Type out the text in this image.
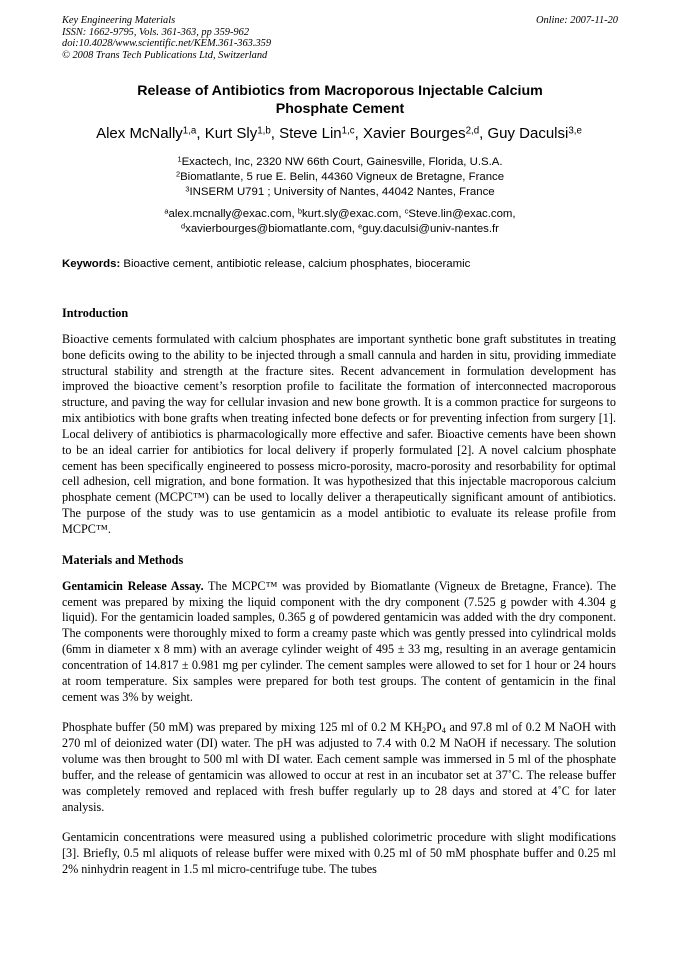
Key Engineering Materials
ISSN: 1662-9795, Vols. 361-363, pp 359-962
doi:10.4028/www.scientific.net/KEM.361-363.359
© 2008 Trans Tech Publications Ltd, Switzerland
Online: 2007-11-20
Release of Antibiotics from Macroporous Injectable Calcium
Phosphate Cement
Alex McNally$^{1,a}$, Kurt Sly$^{1,b}$, Steve Lin$^{1,c}$, Xavier Bourges$^{2,d}$, Guy Daculsi$^{3,e}$
$^1$Exactech, Inc, 2320 NW 66th Court, Gainesville, Florida, U.S.A.
$^2$Biomatlante, 5 rue E. Belin, 44360 Vigneux de Bretagne, France
$^3$INSERM U791 ; University of Nantes, 44042 Nantes, France
$^a$alex.mcnally@exac.com, $^b$kurt.sly@exac.com, $^c$Steve.lin@exac.com,
$^d$xavierbourges@biomatlante.com, $^e$guy.daculsi@univ-nantes.fr
Keywords: Bioactive cement, antibiotic release, calcium phosphates, bioceramic
Introduction

Bioactive cements formulated with calcium phosphates are important synthetic bone graft substitutes in treating bone deficits owing to the ability to be injected through a small cannula and harden in situ, providing immediate structural stability and strength at the fracture sites. Recent advancement in formulation development has improved the bioactive cement’s resorption profile to facilitate the formation of interconnected macroporous structure, and paving the way for cellular invasion and new bone growth. It is a common practice for surgeons to mix antibiotics with bone grafts when treating infected bone defects or for preventing infection from surgery [1]. Local delivery of antibiotics is pharmacologically more effective and safer. Bioactive cements have been shown to be an ideal carrier for antibiotics for local delivery if properly formulated [2]. A novel calcium phosphate cement has been specifically engineered to possess micro-porosity, macro-porosity and resorbability for optimal cell adhesion, cell migration, and bone formation. It was hypothesized that this injectable macroporous calcium phosphate cement (MCPC™) can be used to locally deliver a therapeutically significant amount of antibiotics. The purpose of the study was to use gentamicin as a model antibiotic to evaluate its release profile from MCPC™.

Materials and Methods

Gentamicin Release Assay. The MCPC™ was provided by Biomatlante (Vigneux de Bretagne, France). The cement was prepared by mixing the liquid component with the dry component (7.525 g powder with 4.304 g liquid). For the gentamicin loaded samples, 0.365 g of powdered gentamicin was added with the dry component. The components were thoroughly mixed to form a creamy paste which was gently pressed into cylindrical molds (6mm in diameter x 8 mm) with an average cylinder weight of 495 ± 33 mg, resulting in an average gentamicin concentration of 14.817 ± 0.981 mg per cylinder. The cement samples were allowed to set for 1 hour or 24 hours at room temperature. Six samples were prepared for both test groups. The content of gentamicin in the final cement was 3% by weight.

Phosphate buffer (50 mM) was prepared by mixing 125 ml of 0.2 M $KH_2PO_4$ and 97.8 ml of 0.2 M NaOH with 270 ml of deionized water (DI) water. The pH was adjusted to 7.4 with 0.2 M NaOH if necessary. The solution volume was then brought to 500 ml with DI water. Each cement sample was immersed in 5 ml of the phosphate buffer, and the release of gentamicin was allowed to occur at rest in an incubator set at 37˚C. The release buffer was completely removed and replaced with fresh buffer regularly up to 28 days and stored at 4˚C for later analysis.

Gentamicin concentrations were measured using a published colorimetric procedure with slight modifications [3]. Briefly, 0.5 ml aliquots of release buffer were mixed with 0.25 ml of 50 mM phosphate buffer and 0.25 ml 2% ninhydrin reagent in 1.5 ml micro-centrifuge tube. The tubes
